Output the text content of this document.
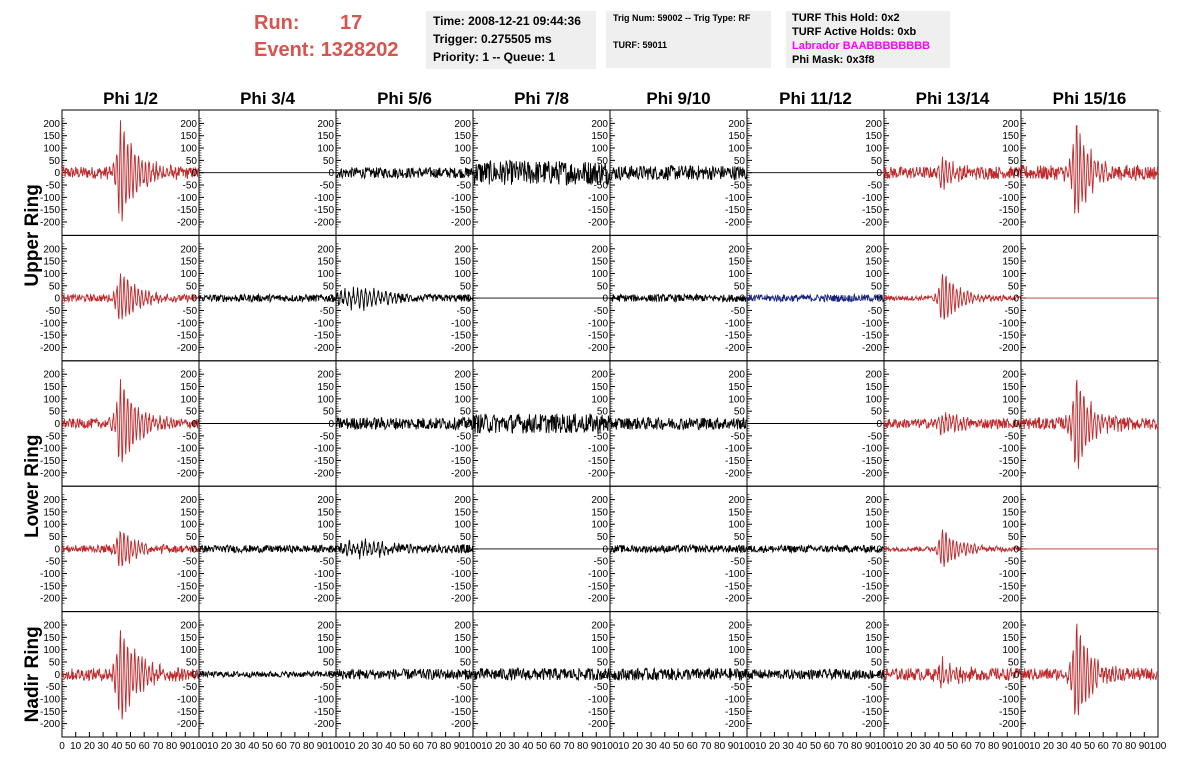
Run: 17
Event: 1328202
Time: 2008-12-21 09:44:36
Trigger: 0.275505 ms
Priority: 1 -- Queue: 1
Trig Num: 59002 -- Trig Type: RF
TURF: 59011
TURF This Hold: 0x2
TURF Active Holds: 0xb
Labrador BAABBBBBBBB
Phi Mask: 0x3f8
Phi 1/2	Phi 3/4	Phi 5/6	Phi 7/8	Phi 9/10	Phi 11/12	Phi 13/14	Phi 15/16
Upper Ring
Lower Ring
Nadir Ring
200
150
100
50
0
-50
-100
-150
-200
200
150
100
50
0
-50
-100
-150
-200
200
150
100
50
0
-50
-100
-150
-200
200
150
100
50
0
-50
-100
-150
-200
200
150
100
50
0
-50
-100
-150
-200
200
150
100
50
0
-50
-100
-150
-200
200
150
100
50
0
-50
-100
-150
-200
200
150
100
50
0
-50
-100
-150
-200
200
150
100
50
0
-50
-100
-150
-200
200
150
100
50
0
-50
-100
-150
-200
200
150
100
50
0
-50
-100
-150
-200
200
150
100
50
0
-50
-100
-150
-200
200
150
100
50
0
-50
-100
-150
-200
200
150
100
50
0
-50
-100
-150
-200
200
150
100
50
0
-50
-100
-150
-200
200
150
100
50
0
-50
-100
-150
-200
200
150
100
50
0
-50
-100
-150
-200
200
150
100
50
0
-50
-100
-150
-200
200
150
100
50
0
-50
-100
-150
-200
200
150
100
50
0
-50
-100
-150
-200
200
150
100
50
0
-50
-100
-150
-200
200
150
100
50
0
-50
-100
-150
-200
200
150
100
50
0
-50
-100
-150
-200
200
150
100
50
0
-50
-100
-150
-200
200
150
100
50
0
-50
-100
-150
-200
200
150
100
50
0
-50
-100
-150
-200
200
150
100
50
0
-50
-100
-150
-200
200
150
100
50
0
-50
-100
-150
-200
200
150
100
50
0
-50
-100
-150
-200
200
150
100
50
0
-50
-100
-150
-200
200
150
100
50
0
-50
-100
-150
-200
200
150
100
50
0
-50
-100
-150
-200
200
150
100
50
0
-50
-100
-150
-200
200
150
100
50
0
-50
-100
-150
-200
200
150
100
50
0
-50
-100
-150
-200
200
150
100
50
0
-50
-100
-150
-200
200
150
100
50
0
-50
-100
-150
-200
200
150
100
50
0
-50
-100
-150
-200
200
150
100
50
0
-50
-100
-150
-200
200
150
100
50
0
-50
-100
-150
-200
0 10 20 30 40 50 60 70 80 90 100 10 20 30 40 50 60 70 80 90 100 10 20 30 40 50 60 70 80 90 100 10 20 30 40 50 60 70 80 90 100 10 20 30 40 50 60 70 80 90 100 10 20 30 40 50 60 70 80 90 100 10 20 30 40 50 60 70 80 90 100 10 20 30 40 50 60 70 80 90 100
